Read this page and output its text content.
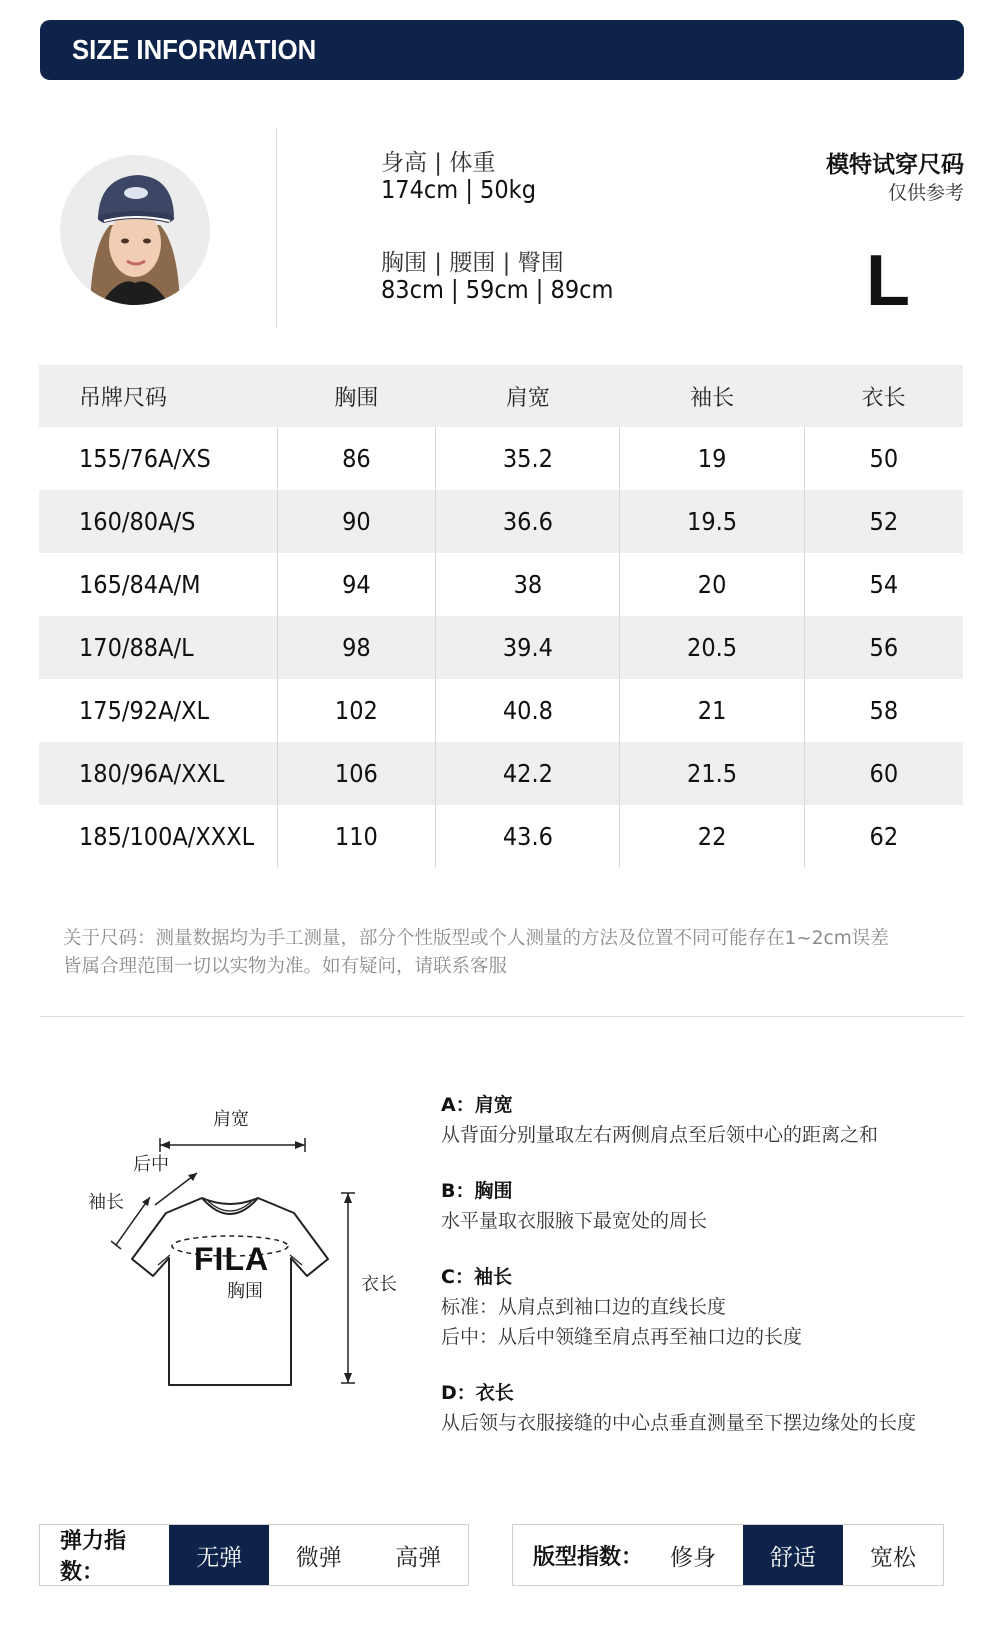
SIZE INFORMATION
身高 | 体重
174cm | 50kg
胸围 | 腰围 | 臀围
83cm | 59cm | 89cm
模特试穿尺码
仅供参考
L
吊牌尺码	胸围	肩宽	袖长	衣长
155/76A/XS	86	35.2	19	50
160/80A/S	90	36.6	19.5	52
165/84A/M	94	38	20	54
170/88A/L	98	39.4	20.5	56
175/92A/XL	102	40.8	21	58
180/96A/XXL	106	42.2	21.5	60
185/100A/XXXL	110	43.6	22	62
关于尺码：测量数据均为手工测量，部分个性版型或个人测量的方法及位置不同可能存在1~2cm误差
皆属合理范围一切以实物为准。如有疑问，请联系客服
肩宽
后中
袖长
FILA
胸围	衣长
A：肩宽
从背面分别量取左右两侧肩点至后领中心的距离之和
B：胸围
水平量取衣服腋下最宽处的周长
C：袖长
标准：从肩点到袖口边的直线长度
后中：从后中领缝至肩点再至袖口边的长度
D：衣长
从后领与衣服接缝的中心点垂直测量至下摆边缘处的长度
弹力指数：
无弹	微弹	高弹	版型指数：	修身	舒适	宽松
